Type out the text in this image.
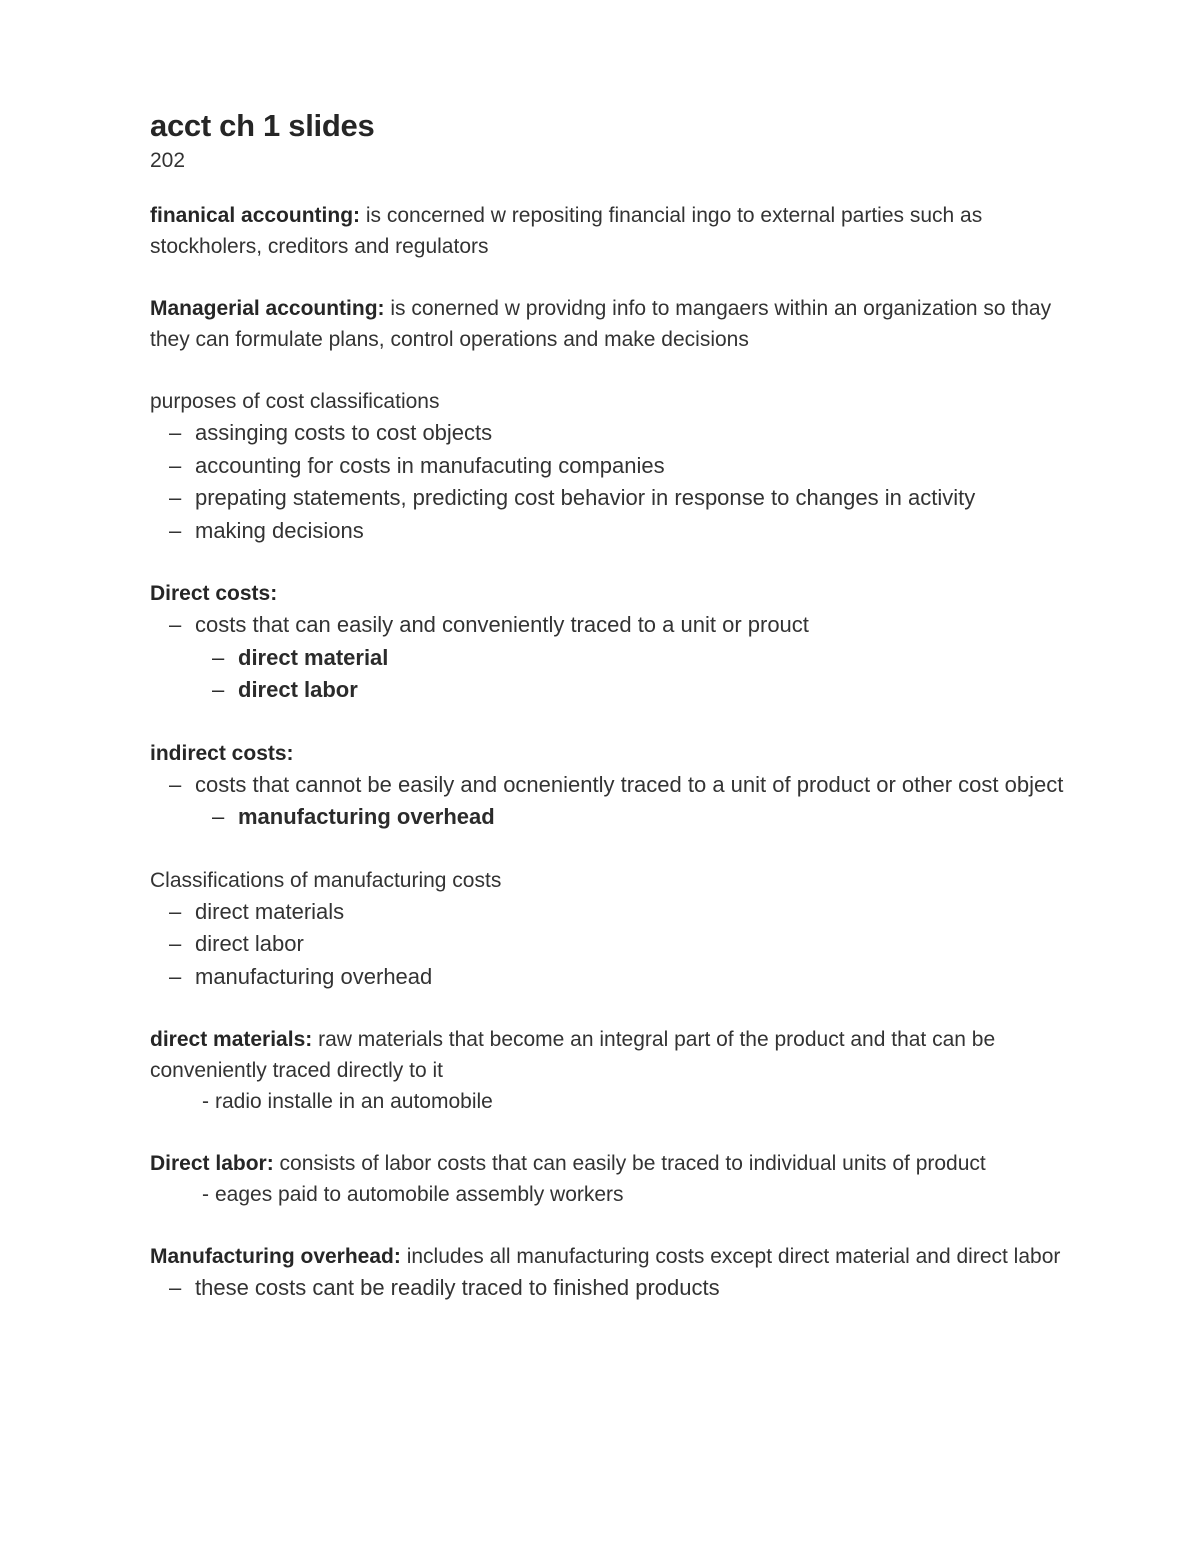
acct ch 1 slides
202

finanical accounting: is concerned w repositing financial ingo to external parties such as stockholers, creditors and regulators

Managerial accounting: is conerned w providng info to mangaers within an organization so thay they can formulate plans, control operations and make decisions

purposes of cost classifications
– assinging costs to cost objects
– accounting for costs in manufacuting companies
– prepating statements, predicting cost behavior in response to changes in activity
– making decisions
Direct costs:
– costs that can easily and conveniently traced to a unit or prouct
– direct material
– direct labor
indirect costs:
– costs that cannot be easily and ocneniently traced to a unit of product or other cost object
– manufacturing overhead
Classifications of manufacturing costs
– direct materials
– direct labor
– manufacturing overhead

direct materials: raw materials that become an integral part of the product and that can be conveniently traced directly to it

- radio installe in an automobile

Direct labor: consists of labor costs that can easily be traced to individual units of product

- eages paid to automobile assembly workers

Manufacturing overhead: includes all manufacturing costs except direct material and direct labor

– these costs cant be readily traced to finished products
